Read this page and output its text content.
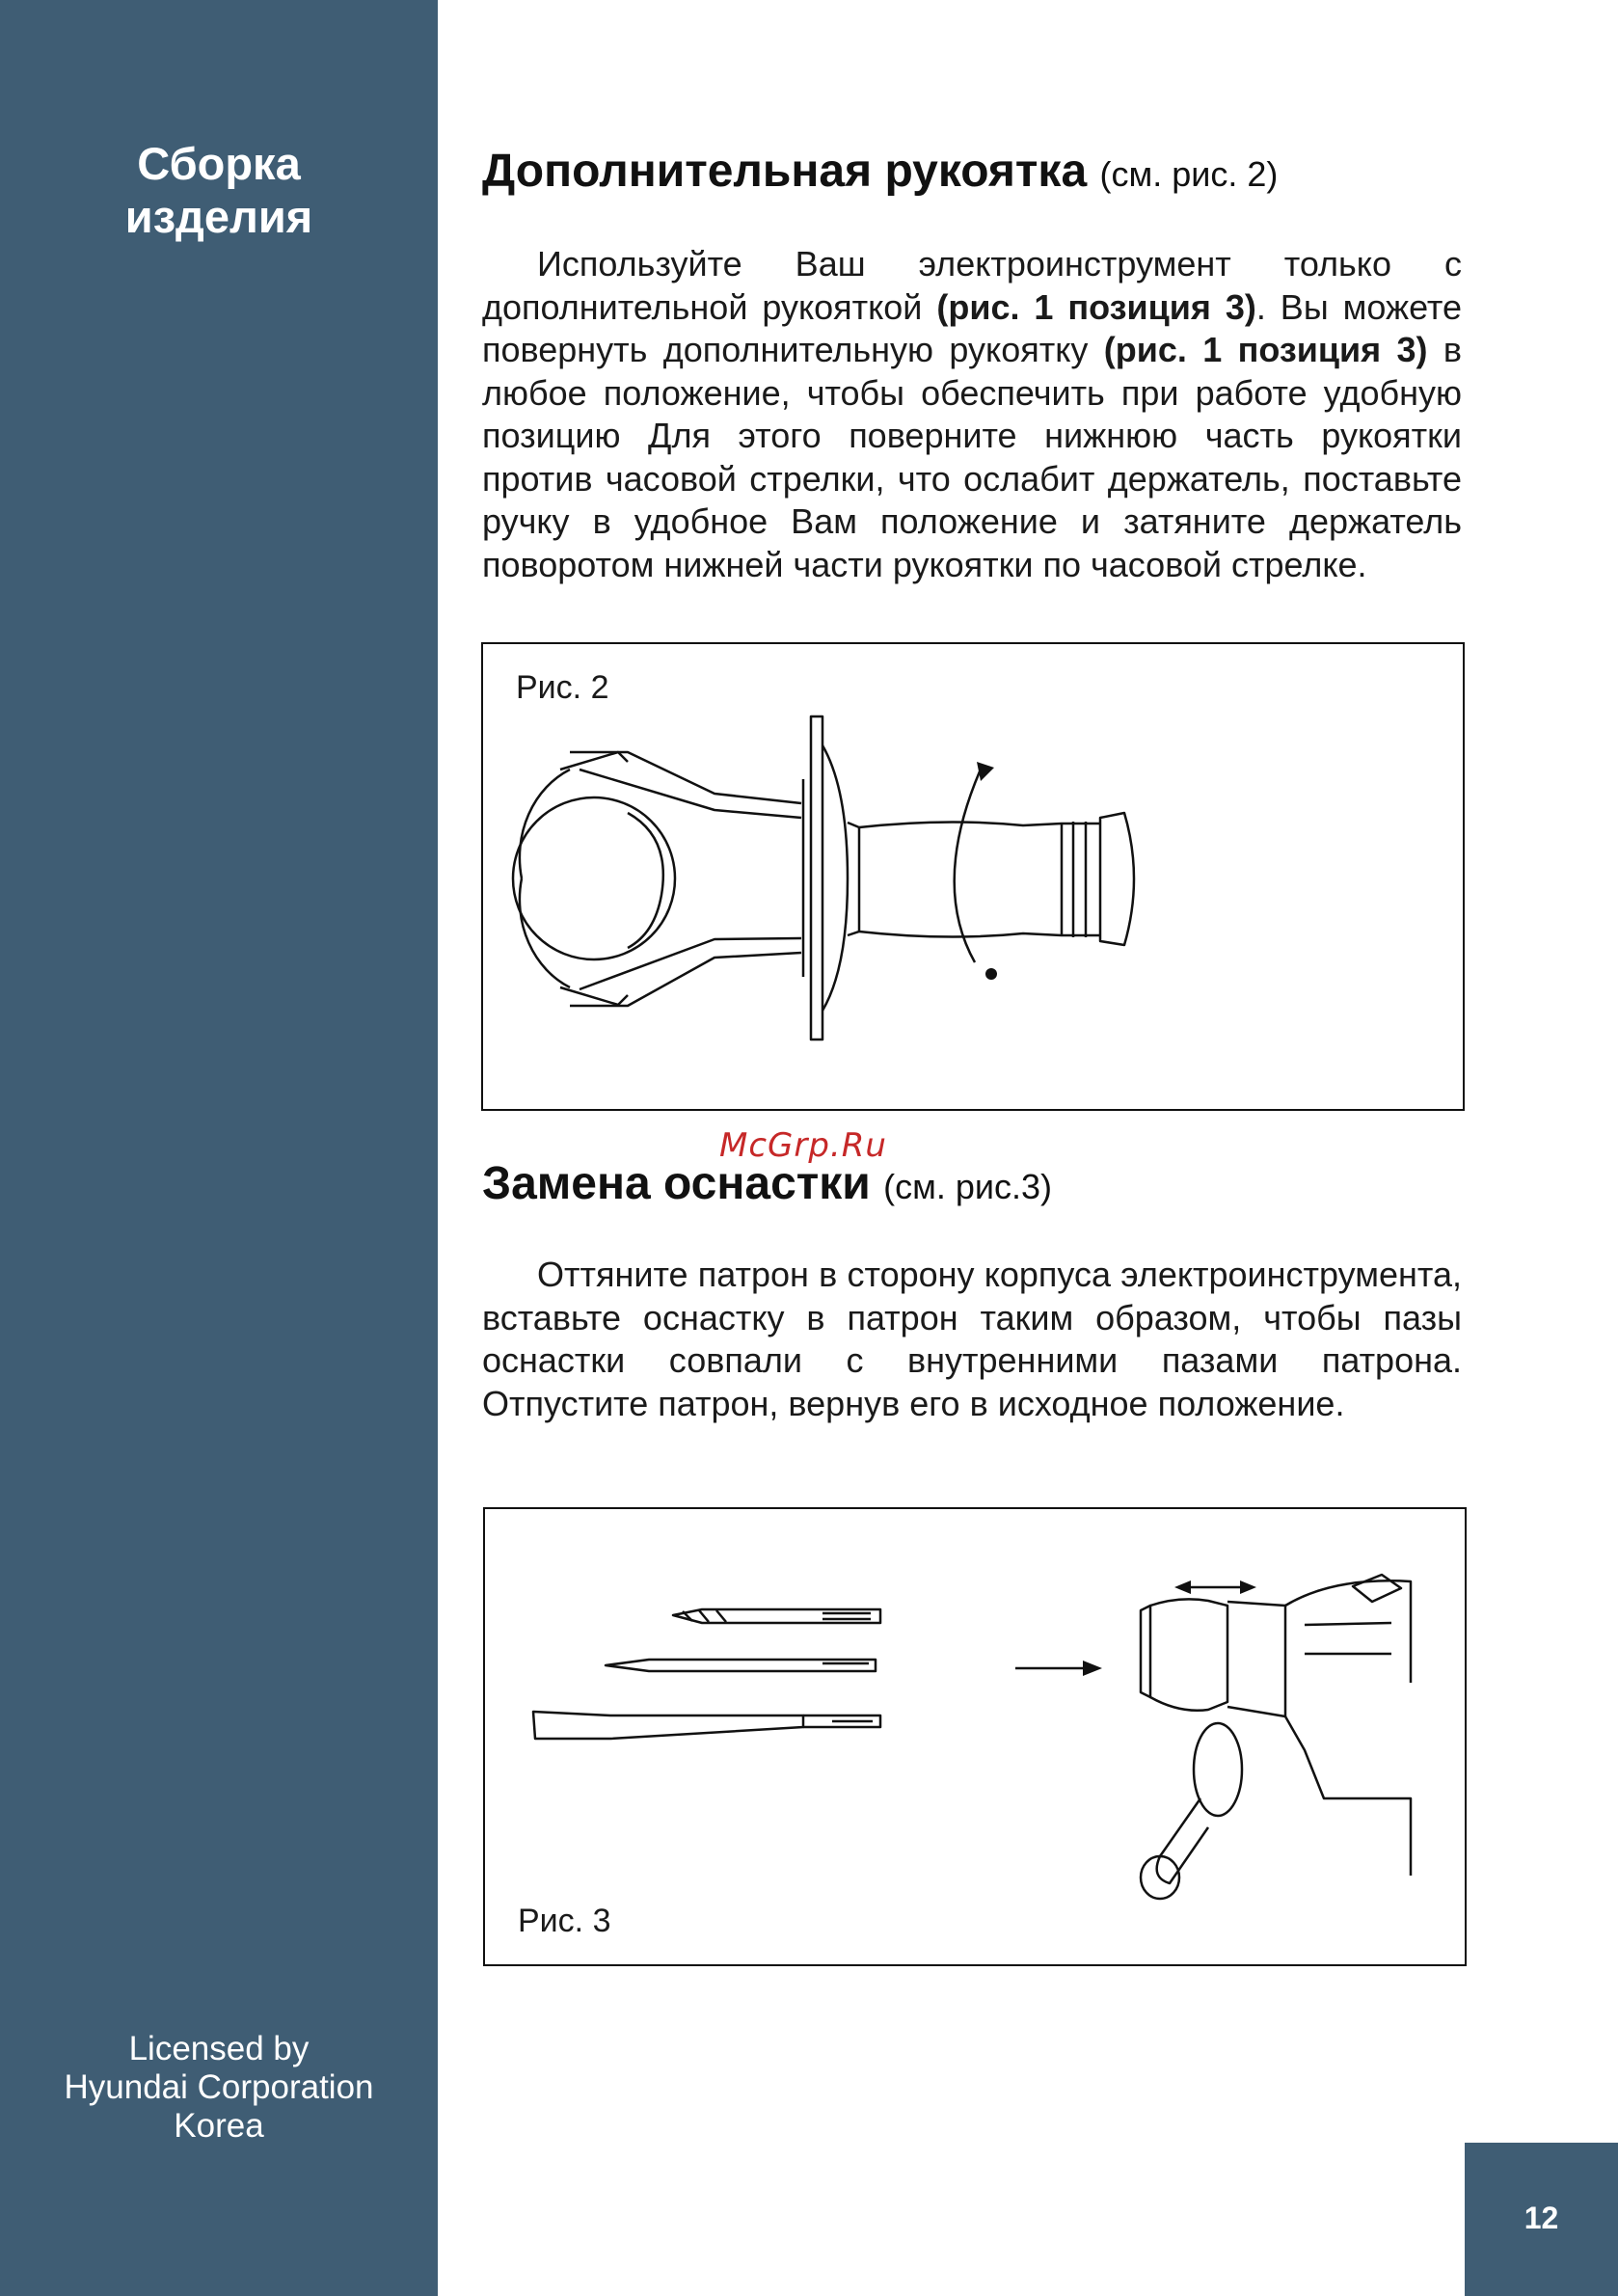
Сборка
изделия
Licensed by
Hyundai Corporation
Korea
Дополнительная рукоятка (см. рис. 2)

Используйте Ваш электроинструмент только с дополнительной рукояткой (рис. 1 позиция 3). Вы можете повернуть дополнительную рукоятку (рис. 1 позиция 3) в любое положение, чтобы обеспечить при работе удобную позицию Для этого поверните нижнюю часть рукоятки против часовой стрелки, что ослабит держатель, поставьте ручку в удобное Вам положение и затяните держатель поворотом нижней части рукоятки по часовой стрелке.

Рис. 2
McGrp.Ru
Замена оснастки (см. рис.3)

Оттяните патрон в сторону корпуса электроинструмента, вставьте оснастку в патрон таким образом, чтобы пазы оснастки совпали с внутренними пазами патрона. Отпустите патрон, вернув его в исходное положение.

Рис. 3
12
